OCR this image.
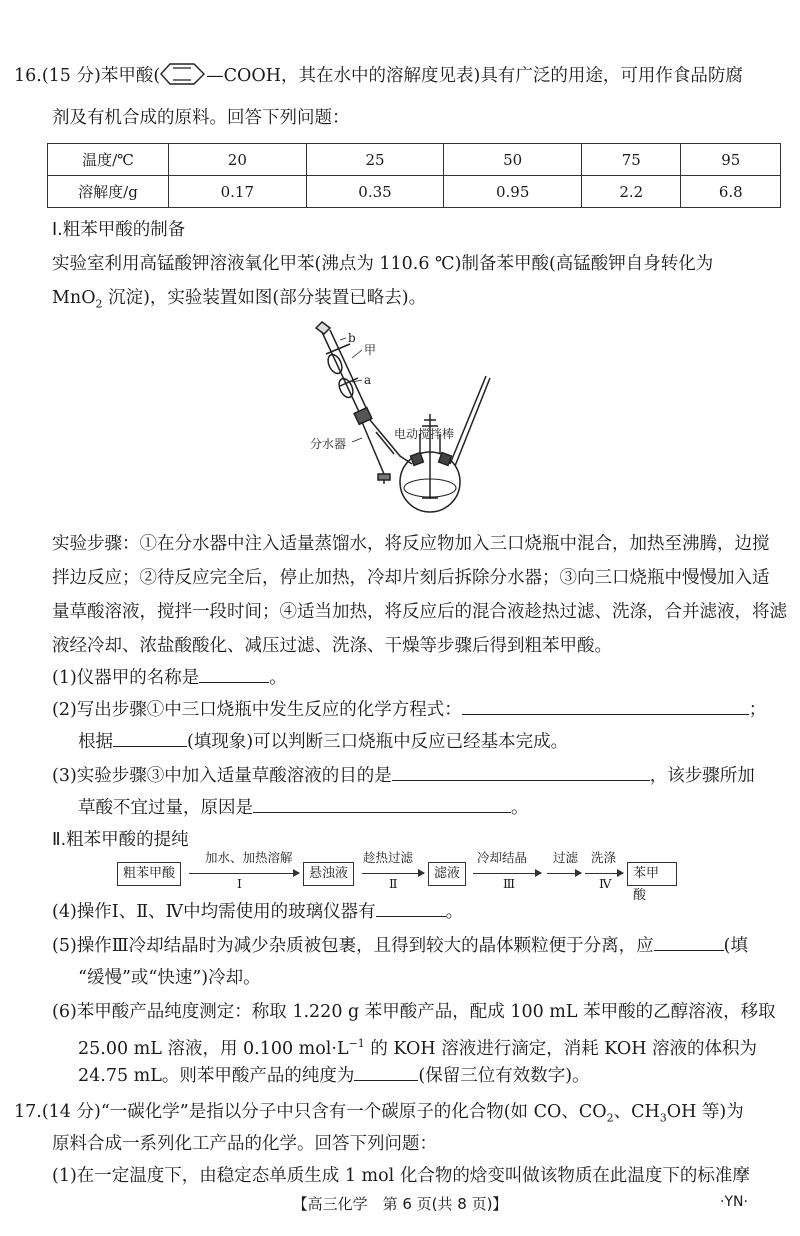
16.(15 分)苯甲酸(	—COOH，其在水中的溶解度见表)具有广泛的用途，可用作食品防腐
剂及有机合成的原料。回答下列问题：
温度/℃	20	25	50	75	95
溶解度/g	0.17	0.35	0.95	2.2	6.8
Ⅰ.粗苯甲酸的制备
实验室利用高锰酸钾溶液氧化甲苯(沸点为 110.6 ℃)制备苯甲酸(高锰酸钾自身转化为
MnO$_2$ 沉淀)，实验装置如图(部分装置已略去)。
b
甲
a
电动搅拌棒
分水器
实验步骤：①在分水器中注入适量蒸馏水，将反应物加入三口烧瓶中混合，加热至沸腾，边搅
拌边反应；②待反应完全后，停止加热，冷却片刻后拆除分水器；③向三口烧瓶中慢慢加入适
量草酸溶液，搅拌一段时间；④适当加热，将反应后的混合液趁热过滤、洗涤，合并滤液，将滤
液经冷却、浓盐酸酸化、减压过滤、洗涤、干燥等步骤后得到粗苯甲酸。
(1)仪器甲的名称是	。
(2)写出步骤①中三口烧瓶中发生反应的化学方程式：	；
根据	(填现象)可以判断三口烧瓶中反应已经基本完成。
(3)实验步骤③中加入适量草酸溶液的目的是	，该步骤所加
草酸不宜过量，原因是	。
Ⅱ.粗苯甲酸的提纯
粗苯甲酸
加水、加热溶解
Ⅰ
悬浊液
趁热过滤
Ⅱ
滤液
冷却结晶
Ⅲ
过滤 洗涤
Ⅳ
苯甲酸
(4)操作Ⅰ、Ⅱ、Ⅳ中均需使用的玻璃仪器有	。
(5)操作Ⅲ冷却结晶时为减少杂质被包裹，且得到较大的晶体颗粒便于分离，应	(填
“缓慢”或“快速”)冷却。
(6)苯甲酸产品纯度测定：称取 1.220 g 苯甲酸产品，配成 100 mL 苯甲酸的乙醇溶液，移取
25.00 mL 溶液，用 0.100 $mol\cdot L^{-1}$ 的 KOH 溶液进行滴定，消耗 KOH 溶液的体积为
24.75 mL。则苯甲酸产品的纯度为	(保留三位有效数字)。
17.(14 分)“一碳化学”是指以分子中只含有一个碳原子的化合物(如 CO、$CO_2$、$CH_3OH$ 等)为
原料合成一系列化工产品的化学。回答下列问题：
(1)在一定温度下，由稳定态单质生成 1 mol 化合物的焓变叫做该物质在此温度下的标准摩
【高三化学　第 6 页(共 8 页)】	·YN·
